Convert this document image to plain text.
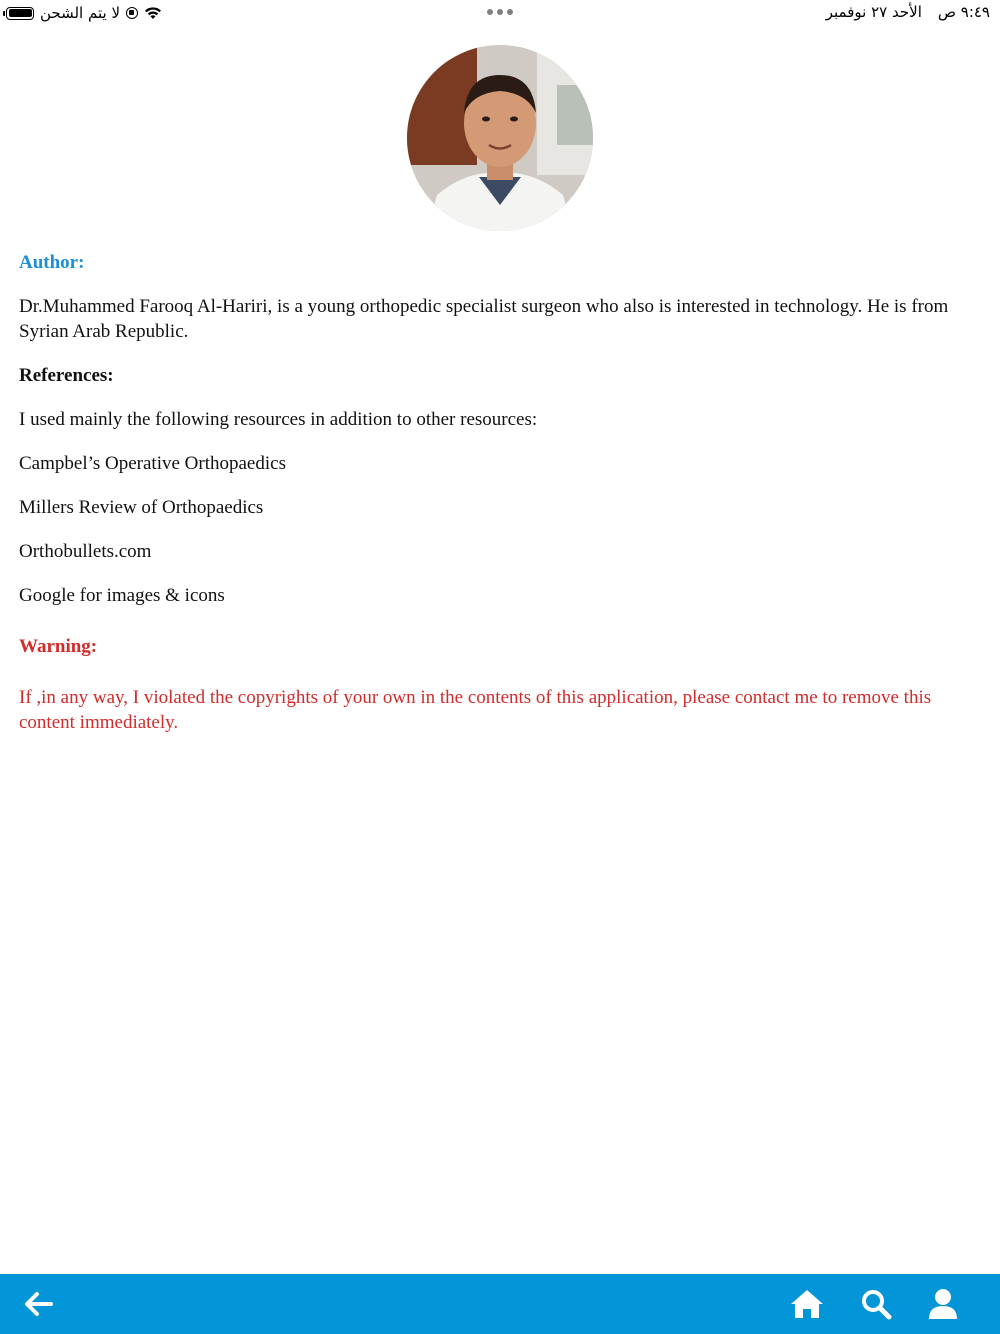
لا يتم الشحن	٩:٤٩ ص
الأحد ٢٧ نوفمبر

Author:

Dr.Muhammed Farooq Al-Hariri, is a young orthopedic specialist surgeon who also is interested in technology. He is from Syrian Arab Republic.

References:

I used mainly the following resources in addition to other resources:

Campbel’s Operative Orthopaedics

Millers Review of Orthopaedics

Orthobullets.com

Google for images & icons

Warning:

If ,in any way, I violated the copyrights of your own in the contents of this application, please contact me to remove this content immediately.
